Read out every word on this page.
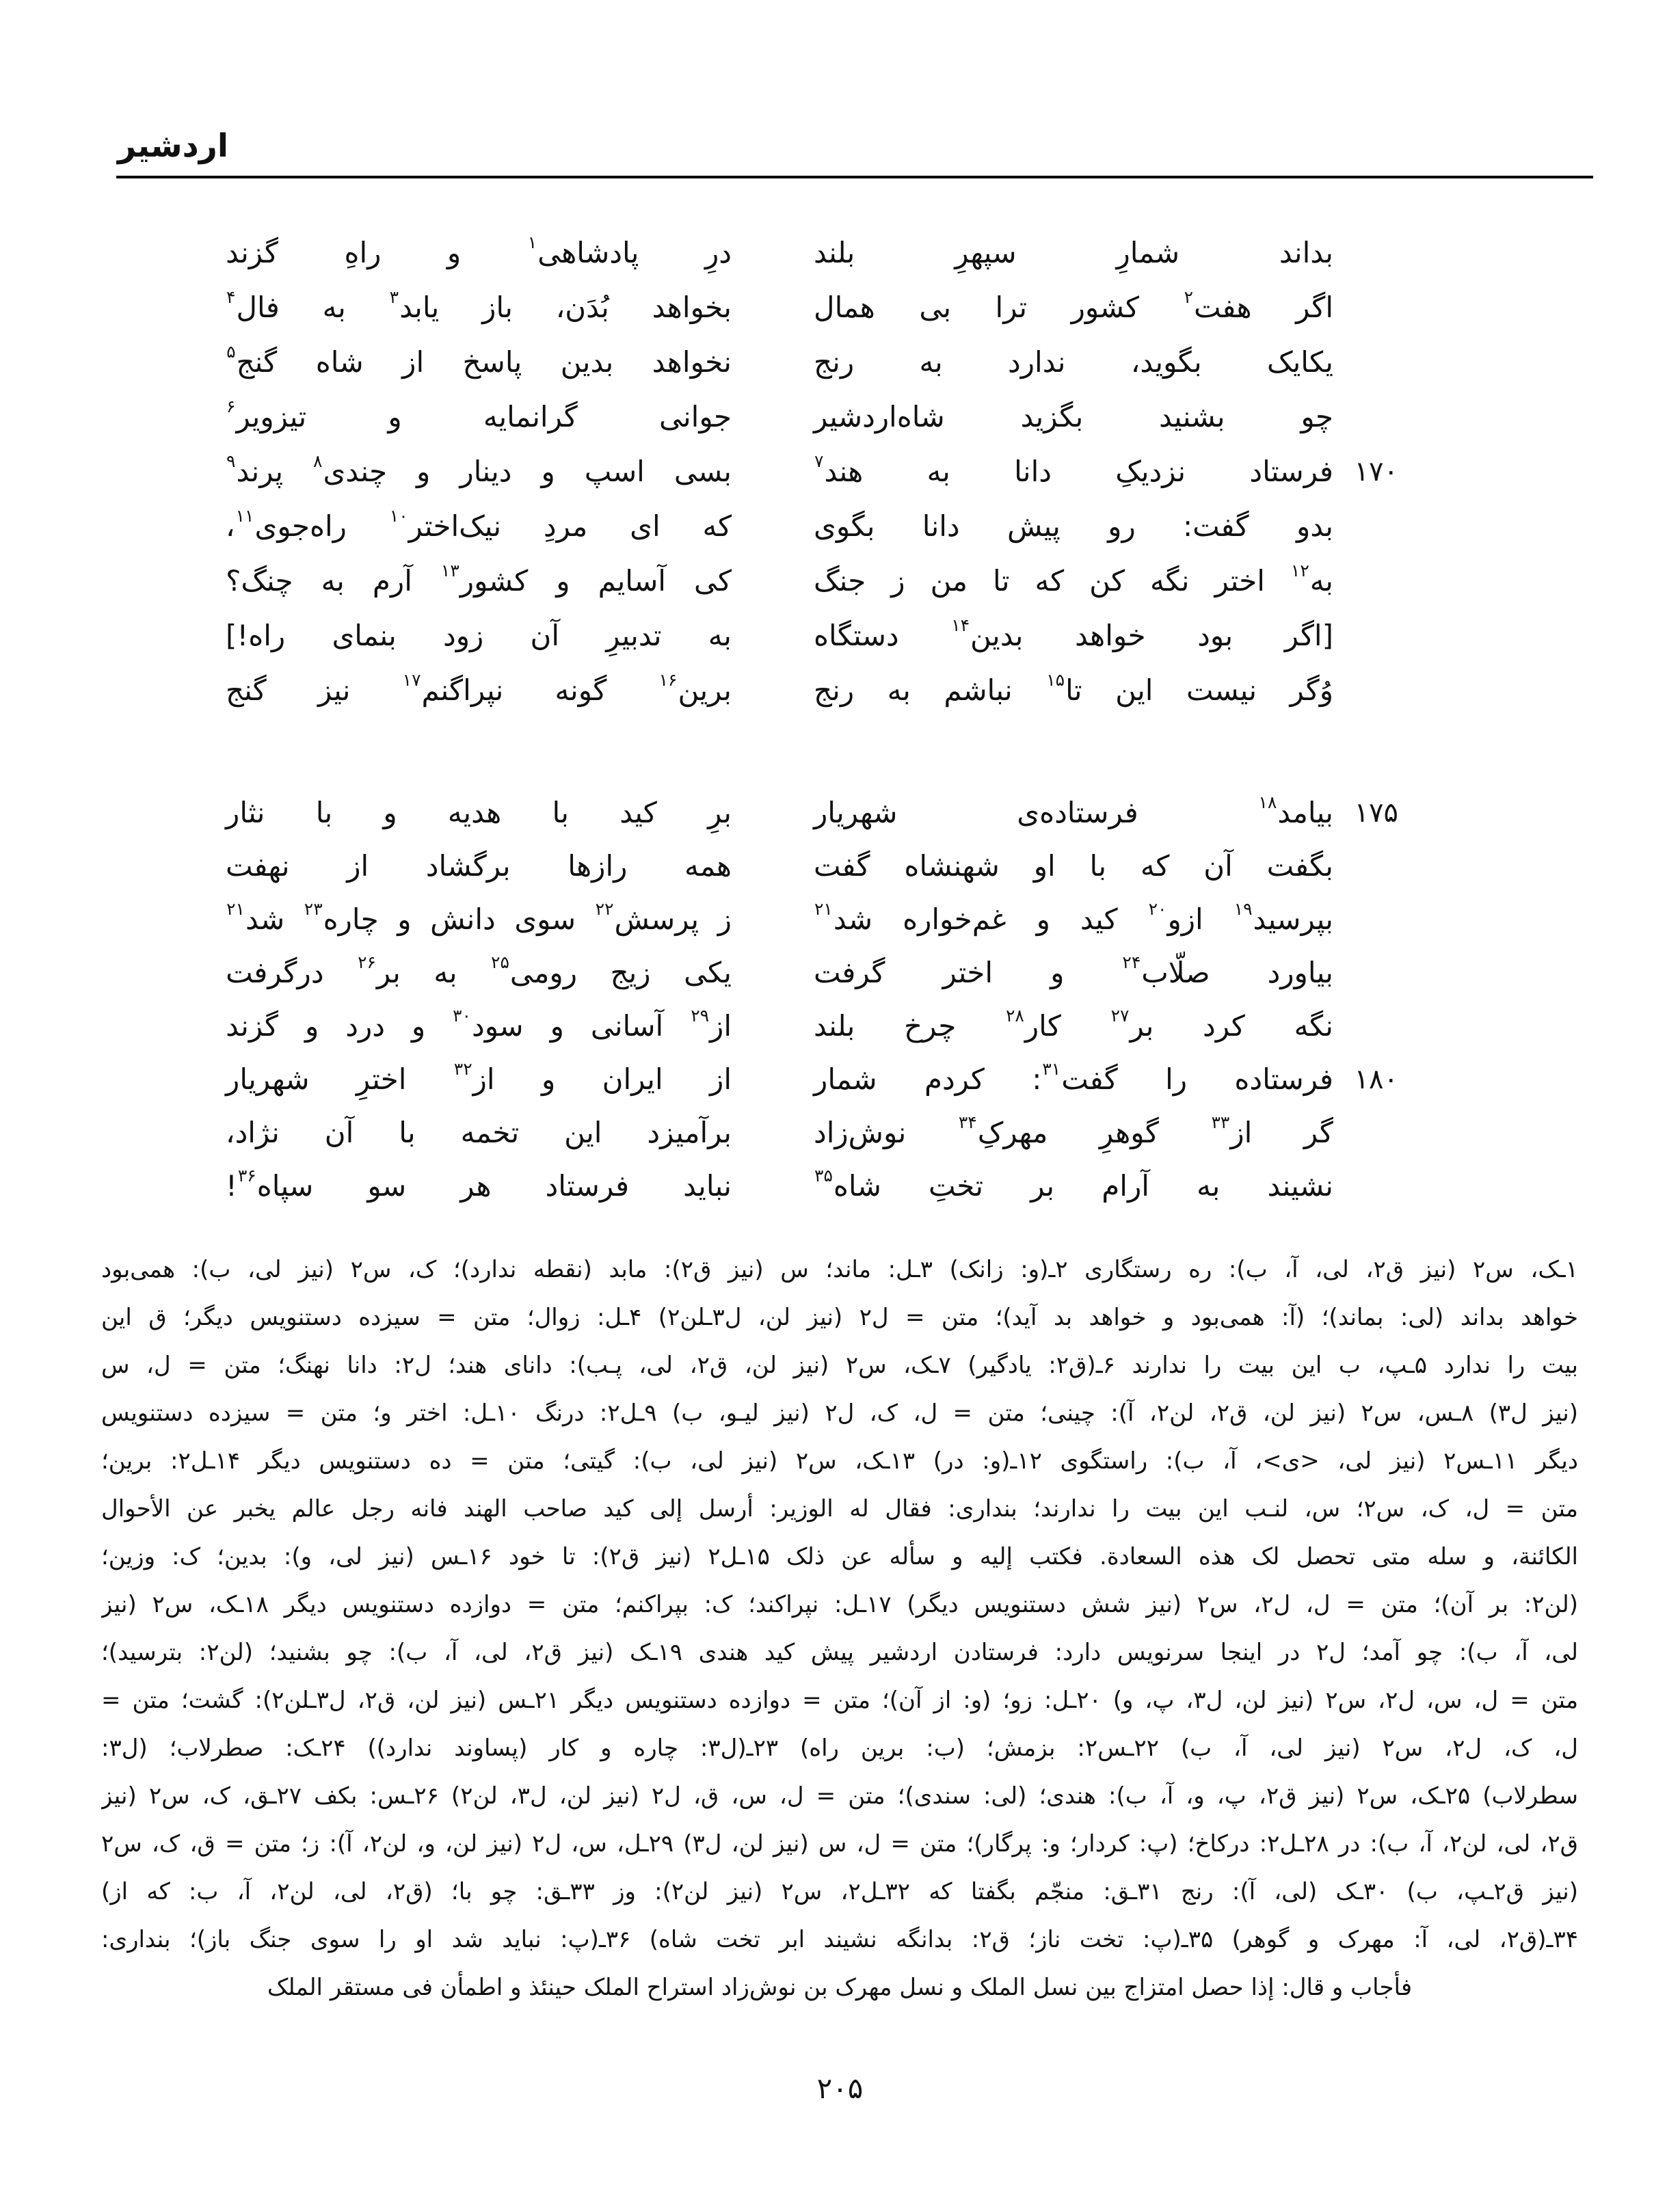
اردشیر
بداند
شمارِ
سپهرِ
بلند
درِ
پادشاهی$^۱$
و
راهِ
گزند
اگر
هفت$^۲$
کشور
ترا
بی
همال
بخواهد
بُدَن،
باز
یابد$^۳$
به
فال$^۴$
یکایک
بگوید،
ندارد
به
رنج
نخواهد
بدین
پاسخ
از
شاه
گنج$^۵$
چو
بشنید
بگزید
شاه‌اردشیر
جوانی
گرانمایه
و
تیزویر$^۶$
۱۷۰
فرستاد
نزدیکِ
دانا
به
هند$^۷$
بسی
اسپ
و
دینار
و
چندی$^۸$
پرند$^۹$
بدو
گفت:
رو
پیش
دانا
بگوی
که
ای
مردِ
نیک‌اختر$^{۱۰}$
راه‌جوی$^{۱۱}$،
به$^{۱۲}$
اختر
نگه
کن
که
تا
من
ز
جنگ
کی
آسایم
و
کشور$^{۱۳}$
آرم
به
چنگ؟
[اگر
بود
خواهد
بدین$^{۱۴}$
دستگاه
به
تدبیرِ
آن
زود
بنمای
راه!]
وُگر
نیست
این
تا$^{۱۵}$
نباشم
به
رنج
برین$^{۱۶}$
گونه
نپراگنم$^{۱۷}$
نیز
گنج
۱۷۵
بیامد$^{۱۸}$
فرستاده‌ی
شهریار
برِ
کید
با
هدیه
و
با
نثار
بگفت
آن
که
با
او
شهنشاه
گفت
همه
رازها
برگشاد
از
نهفت
بپرسید$^{۱۹}$
ازو$^{۲۰}$
کید
و
غم‌خواره
شد$^{۲۱}$
ز
پرسش$^{۲۲}$
سوی
دانش
و
چاره$^{۲۳}$
شد$^{۲۱}$
بیاورد
صلّاب$^{۲۴}$
و
اختر
گرفت
یکی
زیج
رومی$^{۲۵}$
به
بر$^{۲۶}$
درگرفت
نگه
کرد
بر$^{۲۷}$
کار$^{۲۸}$
چرخ
بلند
از$^{۲۹}$
آسانی
و
سود$^{۳۰}$
و
درد
و
گزند
۱۸۰
فرستاده
را
گفت$^{۳۱}$:
کردم
شمار
از
ایران
و
از$^{۳۲}$
اخترِ
شهریار
گر
از$^{۳۳}$
گوهرِ
مهرکِ$^{۳۴}$
نوش‌زاد
برآمیزد
این
تخمه
با
آن
نژاد،
نشیند
به
آرام
بر
تختِ
شاه$^{۳۵}$
نباید
فرستاد
هر
سو
سپاه$^{۳۶}$!
۱ـک، س۲ (نیز ق۲، لی، آ، ب): ره رستگاری ۲ـ(و: زانک) ۳ـل: ماند؛ س (نیز ق۲): مابد (نقطه ندارد)؛ ک، س۲ (نیز لی، ب): همی‌بود
خواهد بداند (لی: بماند)؛ (آ: همی‌بود و خواهد بد آید)؛ متن = ل۲ (نیز لن، ل۳ـلن۲) ۴ـل: زوال؛ متن = سیزده دستنویس دیگر؛ ق این
بیت را ندارد ۵ـپ، ب این بیت را ندارند ۶ـ(ق۲: یادگیر) ۷ـک، س۲ (نیز لن، ق۲، لی، پـب): دانای هند؛ ل۲: دانا نهنگ؛ متن = ل، س
(نیز ل۳) ۸ـس، س۲ (نیز لن، ق۲، لن۲، آ): چینی؛ متن = ل، ک، ل۲ (نیز لیـو، ب) ۹ـل۲: درنگ ۱۰ـل: اختر و؛ متن = سیزده دستنویس
دیگر ۱۱ـس۲ (نیز لی، <ی>، آ، ب): راستگوی ۱۲ـ(و: در) ۱۳ـک، س۲ (نیز لی، ب): گیتی؛ متن = ده دستنویس دیگر ۱۴ـل۲: برین؛
متن = ل، ک، س۲؛ س، لنـب این بیت را ندارند؛ بنداری: فقال له الوزیر: أرسل إلی کید صاحب الهند فانه رجل عالم یخبر عن الأحوال
الکائنة، و سله متی تحصل لک هذه السعادة. فکتب إلیه و سأله عن ذلک ۱۵ـل۲ (نیز ق۲): تا خود ۱۶ـس (نیز لی، و): بدین؛ ک: وزین؛
(لن۲: بر آن)؛ متن = ل، ل۲، س۲ (نیز شش دستنویس دیگر) ۱۷ـل: نپراکند؛ ک: بپراکنم؛ متن = دوازده دستنویس دیگر ۱۸ـک، س۲ (نیز
لی، آ، ب): چو آمد؛ ل۲ در اینجا سرنویس دارد: فرستادن اردشیر پیش کید هندی ۱۹ـک (نیز ق۲، لی، آ، ب): چو بشنید؛ (لن۲: بترسید)؛
متن = ل، س، ل۲، س۲ (نیز لن، ل۳، پ، و) ۲۰ـل: زو؛ (و: از آن)؛ متن = دوازده دستنویس دیگر ۲۱ـس (نیز لن، ق۲، ل۳ـلن۲): گشت؛ متن =
ل، ک، ل۲، س۲ (نیز لی، آ، ب) ۲۲ـس۲: بزمش؛ (ب: برین راه) ۲۳ـ(ل۳: چاره و کار (پساوند ندارد)) ۲۴ـک: صطرلاب؛ (ل۳:
سطرلاب) ۲۵ـک، س۲ (نیز ق۲، پ، و، آ، ب): هندی؛ (لی: سندی)؛ متن = ل، س، ق، ل۲ (نیز لن، ل۳، لن۲) ۲۶ـس: بکف ۲۷ـق، ک، س۲ (نیز
ق۲، لی، لن۲، آ، ب): در ۲۸ـل۲: درکاخ؛ (پ: کردار؛ و: پرگار)؛ متن = ل، س (نیز لن، ل۳) ۲۹ـل، س، ل۲ (نیز لن، و، لن۲، آ): ز؛ متن = ق، ک، س۲
(نیز ق۲ـپ، ب) ۳۰ـک (لی، آ): رنج ۳۱ـق: منجّم بگفتا که ۳۲ـل۲، س۲ (نیز لن۲): وز ۳۳ـق: چو با؛ (ق۲، لی، لن۲، آ، ب: که از)
۳۴ـ(ق۲، لی، آ: مهرک و گوهر) ۳۵ـ(پ: تخت ناز؛ ق۲: بدانگه نشیند ابر تخت شاه) ۳۶ـ(پ: نباید شد او را سوی جنگ باز)؛ بنداری:
فأجاب و قال: إذا حصل امتزاج بین نسل الملک و نسل مهرک بن نوش‌زاد استراح الملک حینئذ و اطمأن فی مستقر الملک
۲۰۵
